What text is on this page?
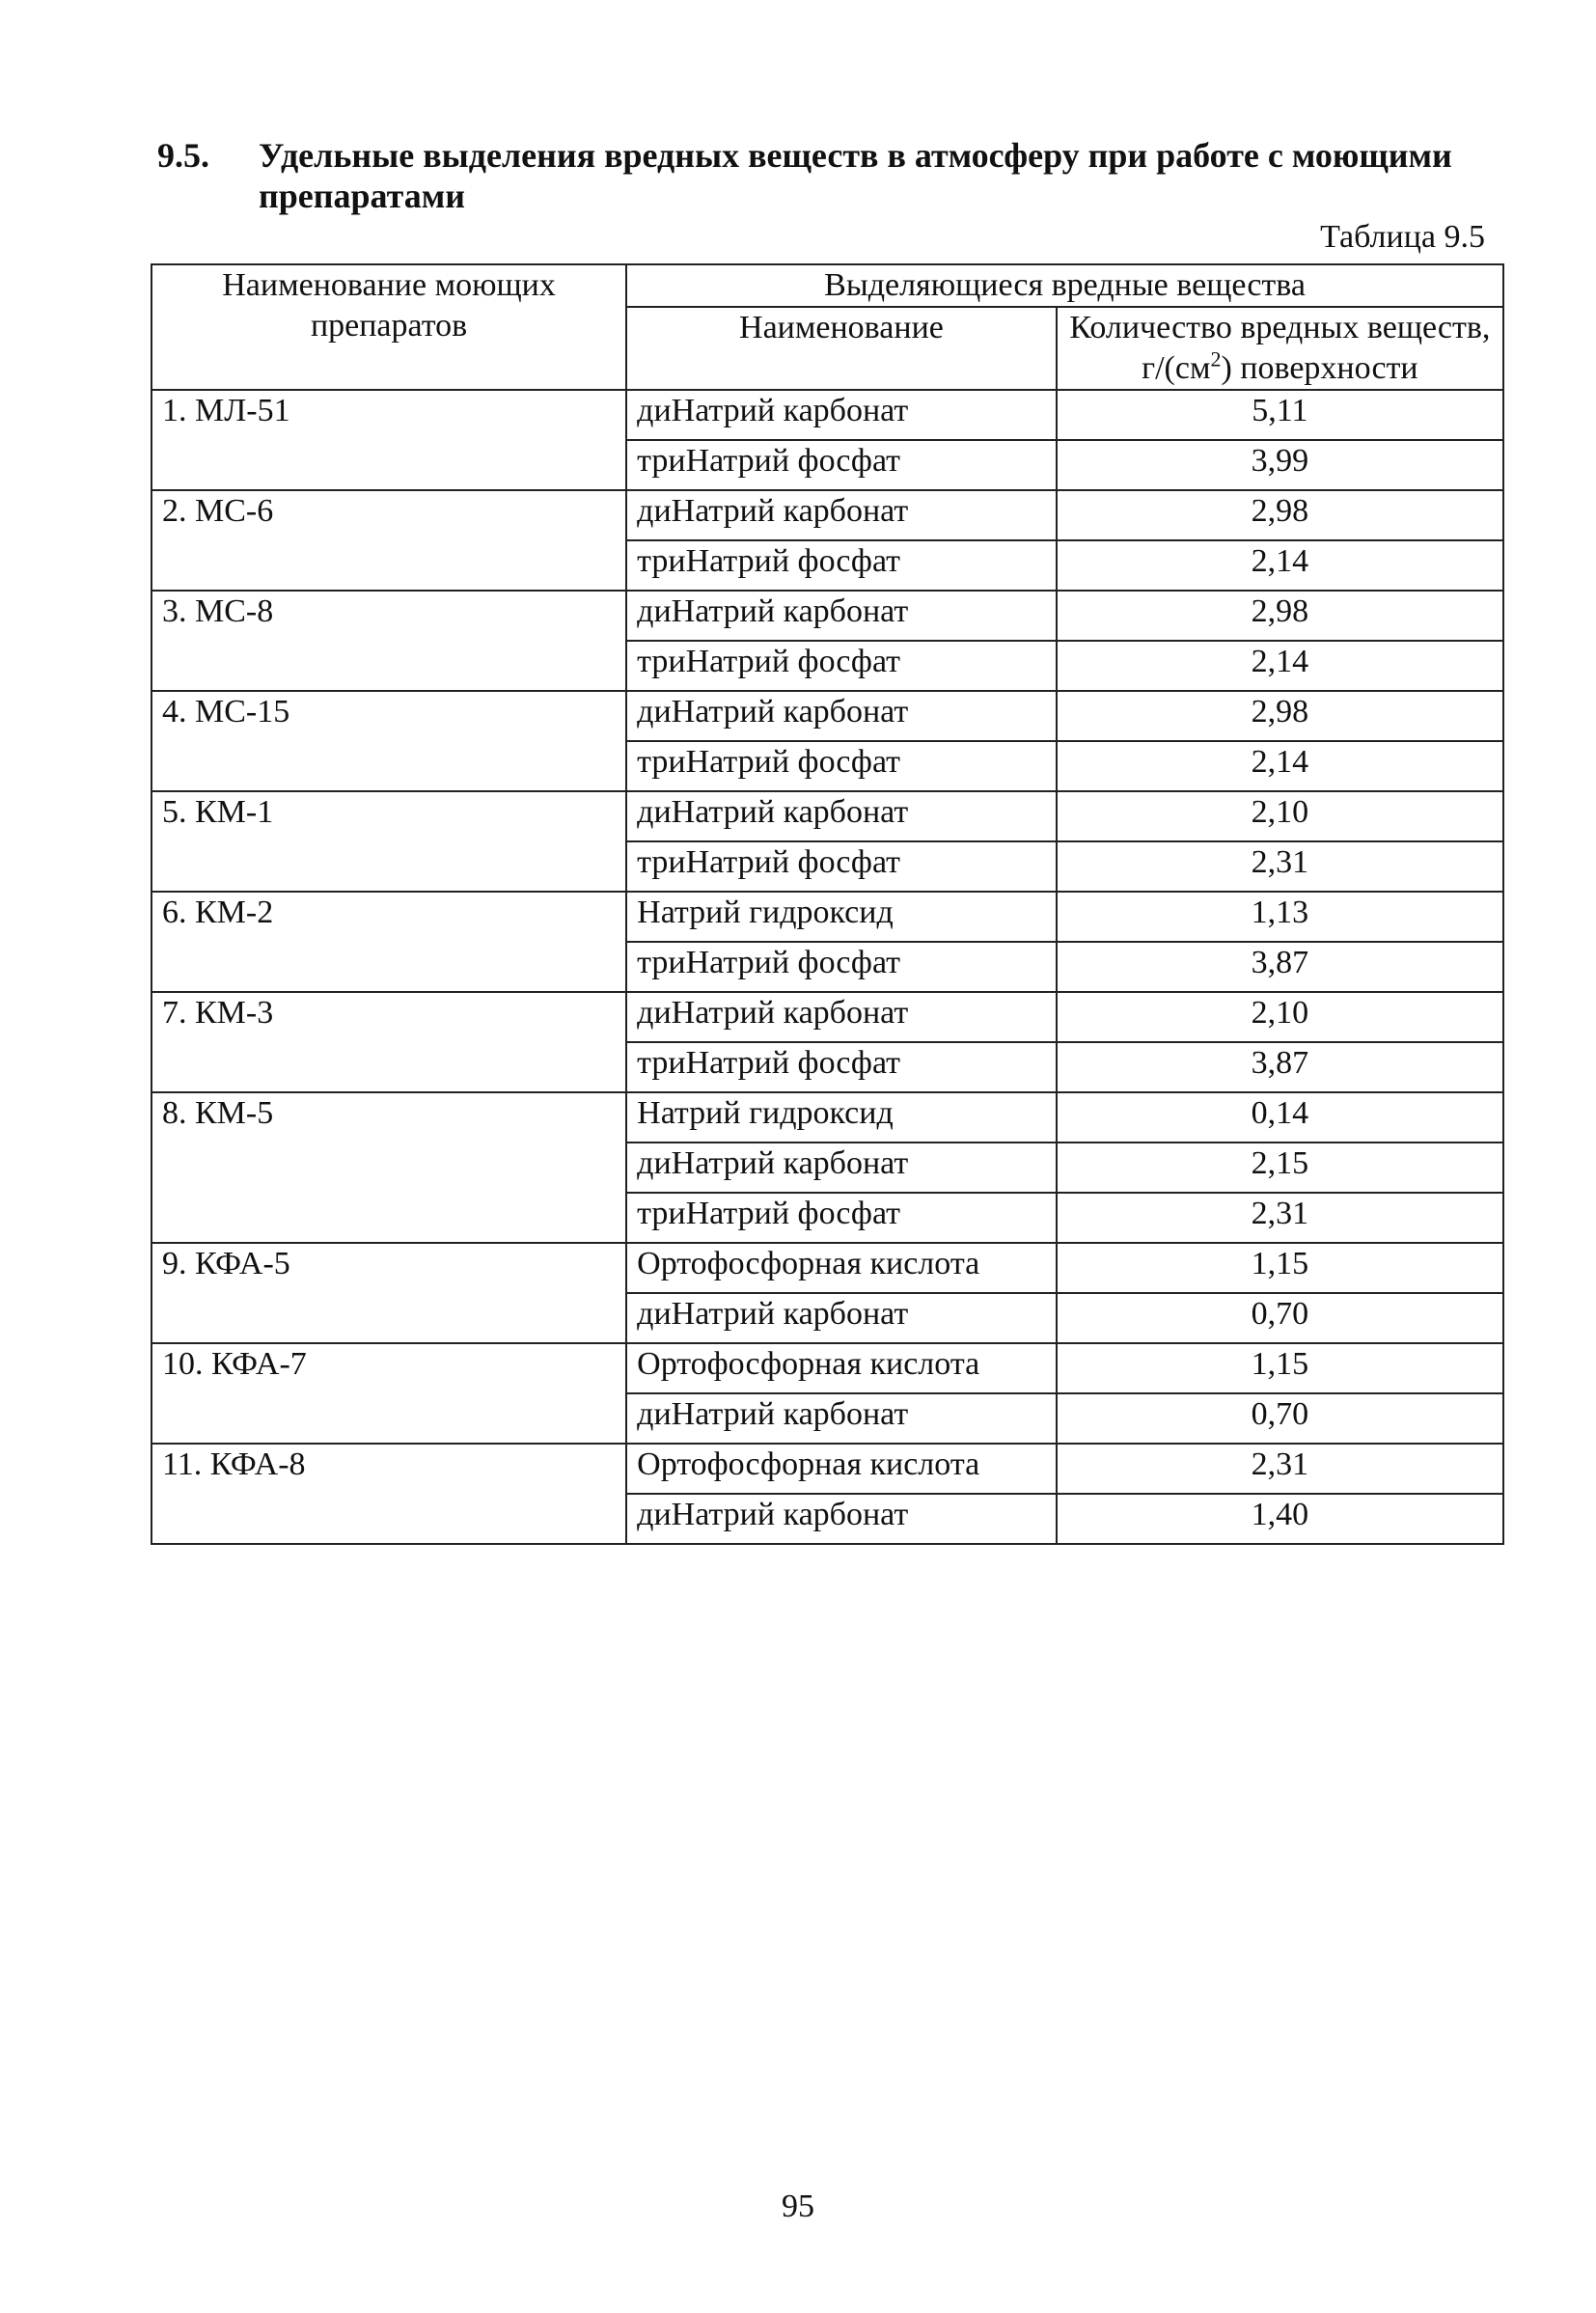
9.5.	Удельные выделения вредных веществ в атмосферу при работе с моющими препаратами
Таблица 9.5
Наименование моющих препаратов	Выделяющиеся вредные вещества	
	Наименование	Количество вредных веществ, $г/(см^2)$ поверхности
1. МЛ-51	диНатрий карбонат	5,11
	триНатрий фосфат	3,99
2. МС-6	диНатрий карбонат	2,98
	триНатрий фосфат	2,14
3. МС-8	диНатрий карбонат	2,98
	триНатрий фосфат	2,14
4. МС-15	диНатрий карбонат	2,98
	триНатрий фосфат	2,14
5. КМ-1	диНатрий карбонат	2,10
	триНатрий фосфат	2,31
6. КМ-2	Натрий гидроксид	1,13
	триНатрий фосфат	3,87
7. КМ-3	диНатрий карбонат	2,10
	триНатрий фосфат	3,87
8. КМ-5	Натрий гидроксид	0,14
	диНатрий карбонат	2,15
	триНатрий фосфат	2,31
9. КФА-5	Ортофосфорная кислота	1,15
	диНатрий карбонат	0,70
10. КФА-7	Ортофосфорная кислота	1,15
	диНатрий карбонат	0,70
11. КФА-8	Ортофосфорная кислота	2,31
	диНатрий карбонат	1,40
95
